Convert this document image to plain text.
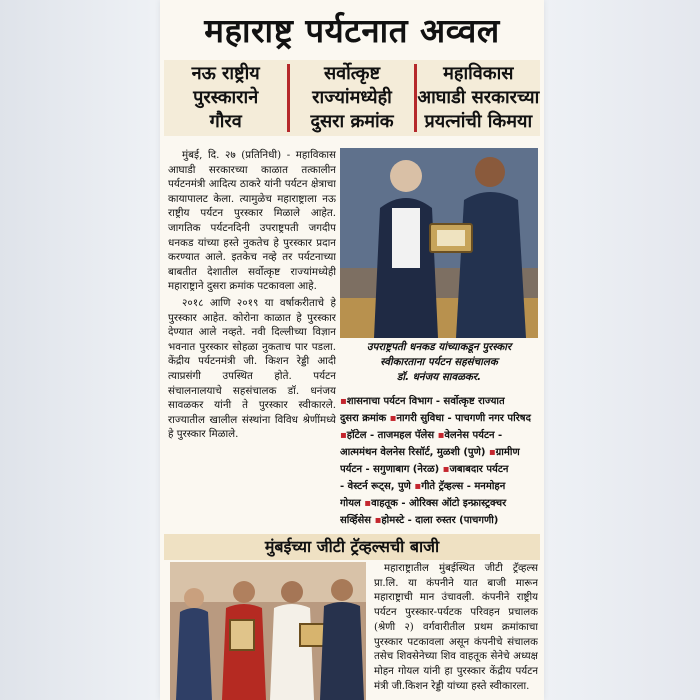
महाराष्ट्र पर्यटनात अव्वल
नऊ राष्ट्रीय
पुरस्काराने
गौरव
सर्वोत्कृष्ट
राज्यांमध्येही
दुसरा क्रमांक
महाविकास
आघाडी सरकारच्या
प्रयत्नांची किमया

मुंबई, दि. २७ (प्रतिनिधी) - महाविकास आघाडी सरकारच्या काळात तत्कालीन पर्यटनमंत्री आदित्य ठाकरे यांनी पर्यटन क्षेत्राचा कायापालट केला. त्यामुळेच महाराष्ट्राला नऊ राष्ट्रीय पर्यटन पुरस्कार मिळाले आहेत. जागतिक पर्यटनदिनी उपराष्ट्रपती जगदीप धनकड यांच्या हस्ते नुकतेच हे पुरस्कार प्रदान करण्यात आले. इतकेच नव्हे तर पर्यटनाच्या बाबतीत देशातील सर्वोत्कृष्ट राज्यांमध्येही महाराष्ट्राने दुसरा क्रमांक पटकावला आहे.

२०१८ आणि २०१९ या वर्षाकरीताचे हे पुरस्कार आहेत. कोरोना काळात हे पुरस्कार देण्यात आले नव्हते. नवी दिल्लीच्या विज्ञान भवनात पुरस्कार सोहळा नुकताच पार पडला. केंद्रीय पर्यटनमंत्री जी. किशन रेड्डी आदी त्याप्रसंगी उपस्थित होते. पर्यटन संचालनालयाचे सहसंचालक डॉ. धनंजय सावळकर यांनी ते पुरस्कार स्वीकारले. राज्यातील खालील संस्थांना विविध श्रेणींमध्ये हे पुरस्कार मिळाले.

उपराष्ट्रपती धनकड यांच्याकडून पुरस्कार
स्वीकारताना पर्यटन सहसंचालक
डॉ. धनंजय सावळकर.
▪शासनाचा पर्यटन विभाग - सर्वोत्कृष्ट राज्यात
दुसरा क्रमांक ▪नागरी सुविधा - पाचगणी नगर परिषद
▪हॉटेल - ताजमहल पॅलेस ▪वेलनेस पर्यटन -
आत्ममंथन वेलनेस रिसॉर्ट, मुळशी (पुणे) ▪ग्रामीण
पर्यटन - सगुणाबाग (नेरळ) ▪जबाबदार पर्यटन
- वेस्टर्न रूट्स, पुणे ▪गीते ट्रॅव्हल्स - मनमोहन
गोयल ▪वाहतूक - ओरिक्स ऑटो इन्फ्रास्ट्रक्चर
सर्व्हिसेस ▪होमस्टे - दाला रुस्तर (पाचगणी)
मुंबईच्या जीटी ट्रॅव्हल्सची बाजी

महाराष्ट्रातील मुंबईस्थित जीटी ट्रॅव्हल्स प्रा.लि. या कंपनीने यात बाजी मारून महाराष्ट्राची मान उंचावली. कंपनीने राष्ट्रीय पर्यटन पुरस्कार-पर्यटक परिवहन प्रचालक (श्रेणी २) वर्गवारीतील प्रथम क्रमांकाचा पुरस्कार पटकावला असून कंपनीचे संचालक तसेच शिवसेनेच्या शिव वाहतूक सेनेचे अध्यक्ष मोहन गोयल यांनी हा पुरस्कार केंद्रीय पर्यटन मंत्री जी.किशन रेड्डी यांच्या हस्ते स्वीकारला.
